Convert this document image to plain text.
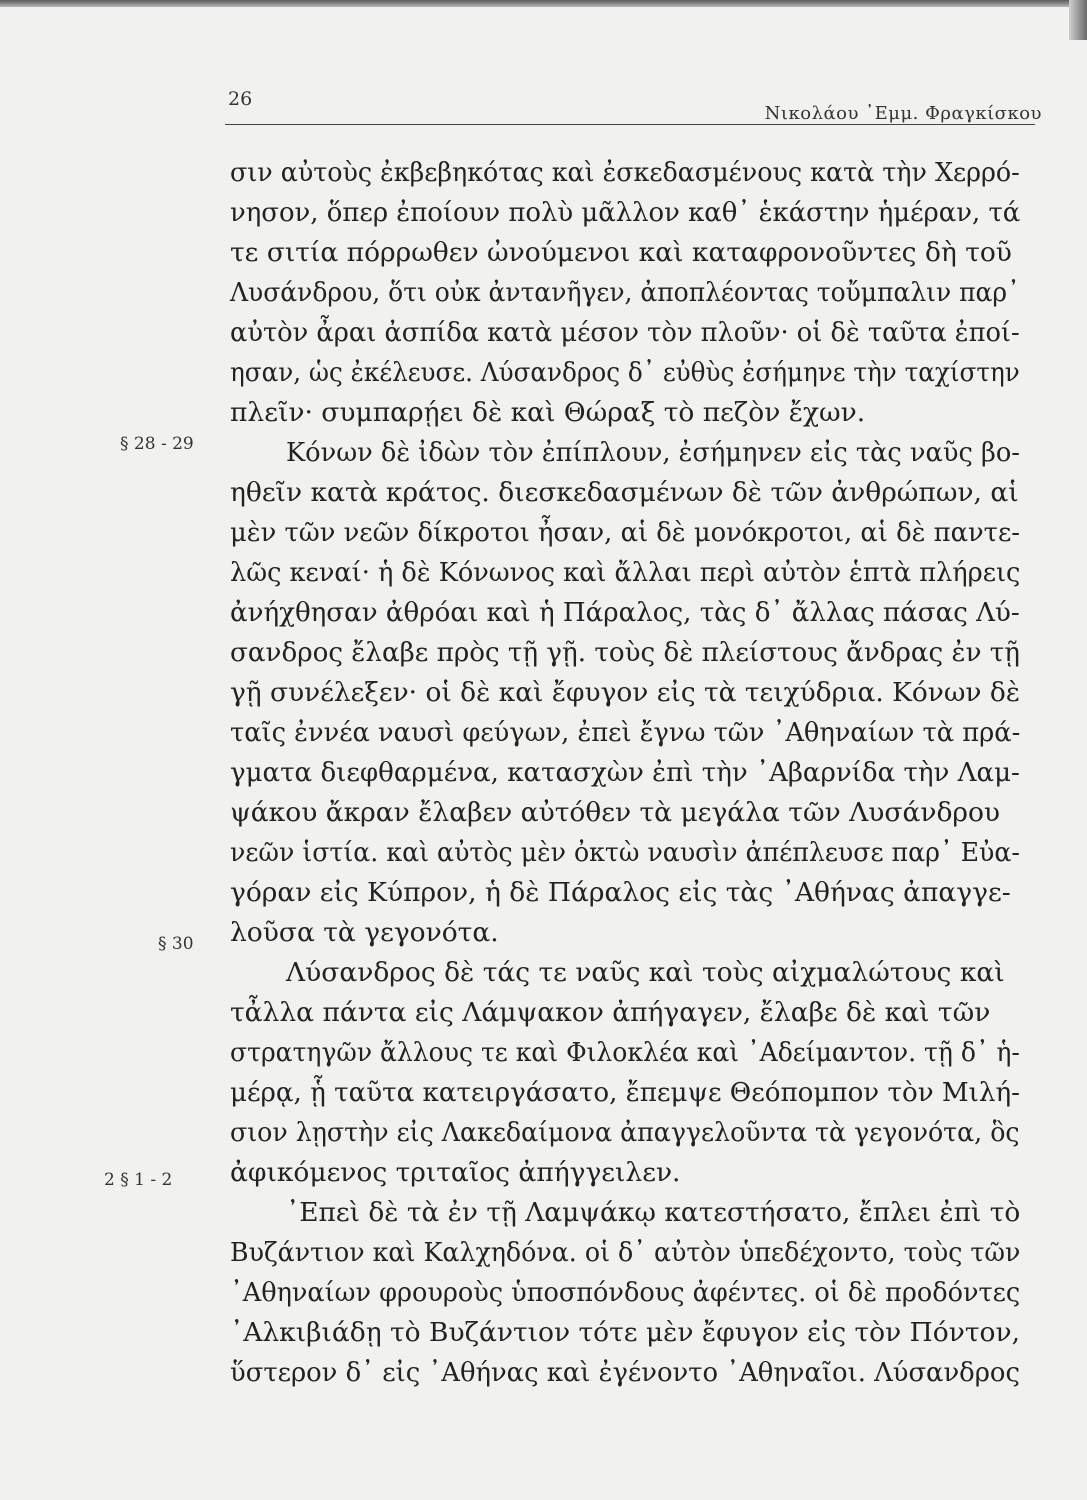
26
Νικολάου ᾽Εμμ. Φραγκίσκου
σιν αὐτοὺς ἐκβεβηκότας καὶ ἐσκεδασμένους κατὰ τὴν Χερρό-
νησον, ὅπερ ἐποίουν πολὺ μᾶλλον καθ᾽ ἑκάστην ἡμέραν, τά
τε σιτία πόρρωθεν ὠνούμενοι καὶ καταφρονοῦντες δὴ τοῦ
Λυσάνδρου, ὅτι οὐκ ἀντανῆγεν, ἀποπλέοντας τοὔμπαλιν παρ᾽
αὐτὸν ἆραι ἀσπίδα κατὰ μέσον τὸν πλοῦν· οἱ δὲ ταῦτα ἐποί-
ησαν, ὡς ἐκέλευσε. Λύσανδρος δ᾽ εὐθὺς ἐσήμηνε τὴν ταχίστην
πλεῖν· συμπαρῄει δὲ καὶ Θώραξ τὸ πεζὸν ἔχων.
Κόνων δὲ ἰδὼν τὸν ἐπίπλουν, ἐσήμηνεν εἰς τὰς ναῦς βο-
ηθεῖν κατὰ κράτος. διεσκεδασμένων δὲ τῶν ἀνθρώπων, αἱ
μὲν τῶν νεῶν δίκροτοι ἦσαν, αἱ δὲ μονόκροτοι, αἱ δὲ παντε-
λῶς κεναί· ἡ δὲ Κόνωνος καὶ ἄλλαι περὶ αὐτὸν ἑπτὰ πλήρεις
ἀνήχθησαν ἀθρόαι καὶ ἡ Πάραλος, τὰς δ᾽ ἄλλας πάσας Λύ-
σανδρος ἔλαβε πρὸς τῇ γῇ. τοὺς δὲ πλείστους ἄνδρας ἐν τῇ
γῇ συνέλεξεν· οἱ δὲ καὶ ἔφυγον εἰς τὰ τειχύδρια. Κόνων δὲ
ταῖς ἐννέα ναυσὶ φεύγων, ἐπεὶ ἔγνω τῶν ᾽Αθηναίων τὰ πρά-
γματα διεφθαρμένα, κατασχὼν ἐπὶ τὴν ᾽Αβαρνίδα τὴν Λαμ-
ψάκου ἄκραν ἔλαβεν αὐτόθεν τὰ μεγάλα τῶν Λυσάνδρου
νεῶν ἱστία. καὶ αὐτὸς μὲν ὀκτὼ ναυσὶν ἀπέπλευσε παρ᾽ Εὐα-
γόραν εἰς Κύπρον, ἡ δὲ Πάραλος εἰς τὰς ᾽Αθήνας ἀπαγγε-
λοῦσα τὰ γεγονότα.
Λύσανδρος δὲ τάς τε ναῦς καὶ τοὺς αἰχμαλώτους καὶ
τἆλλα πάντα εἰς Λάμψακον ἀπήγαγεν, ἔλαβε δὲ καὶ τῶν
στρατηγῶν ἄλλους τε καὶ Φιλοκλέα καὶ ᾽Αδείμαντον. τῇ δ᾽ ἡ-
μέρᾳ, ᾗ ταῦτα κατειργάσατο, ἔπεμψε Θεόπομπον τὸν Μιλή-
σιον λῃστὴν εἰς Λακεδαίμονα ἀπαγγελοῦντα τὰ γεγονότα, ὃς
ἀφικόμενος τριταῖος ἀπήγγειλεν.
᾽Επεὶ δὲ τὰ ἐν τῇ Λαμψάκῳ κατεστήσατο, ἔπλει ἐπὶ τὸ
Βυζάντιον καὶ Καλχηδόνα. οἱ δ᾽ αὐτὸν ὑπεδέχοντο, τοὺς τῶν
᾽Αθηναίων φρουροὺς ὑποσπόνδους ἀφέντες. οἱ δὲ προδόντες
᾽Αλκιβιάδῃ τὸ Βυζάντιον τότε μὲν ἔφυγον εἰς τὸν Πόντον,
ὕστερον δ᾽ εἰς ᾽Αθήνας καὶ ἐγένοντο ᾽Αθηναῖοι. Λύσανδρος
§ 28 - 29
§ 30
2 § 1 - 2
